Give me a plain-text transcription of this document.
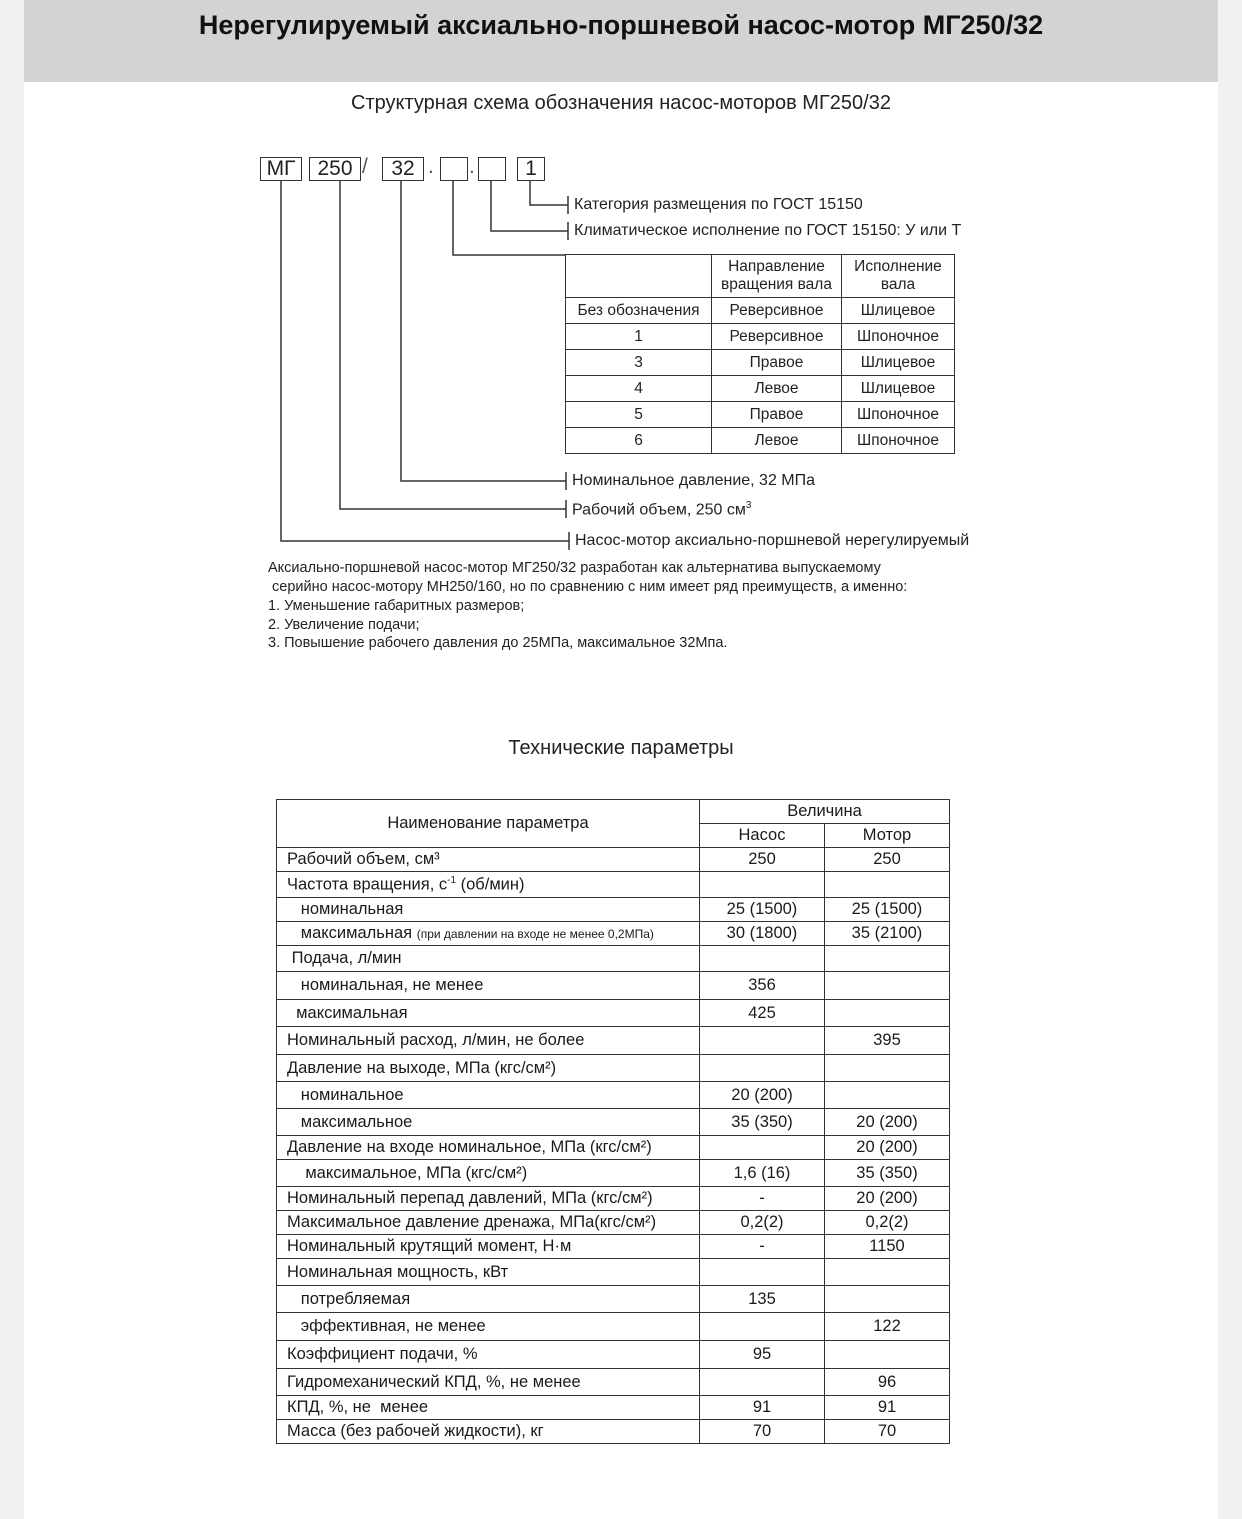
Нерегулируемый аксиально-поршневой насос-мотор МГ250/32
Структурная схема обозначения насос-моторов МГ250/32
МГ	250 /	32 . .	1
Категория размещения по ГОСТ 15150
Климатическое исполнение по ГОСТ 15150: У или Т
Номинальное давление, 32 МПа
Рабочий объем, 250 $см^3$
Насос-мотор аксиально-поршневой нерегулируемый
	Направление вращения вала	Исполнение вала
Без обозначения	Реверсивное	Шлицевое
1	Реверсивное	Шпоночное
3	Правое	Шлицевое
4	Левое	Шлицевое
5	Правое	Шпоночное
6	Левое	Шпоночное
Аксиально-поршневой насос-мотор МГ250/32 разработан как альтернатива выпускаемому
серийно насос-мотору МН250/160, но по сравнению с ним имеет ряд преимуществ, а именно:
1. Уменьшение габаритных размеров;
2. Увеличение подачи;
3. Повышение рабочего давления до 25МПа, максимальное 32Мпа.
Технические параметры
Наименование параметра	Величина	
	Насос	Мотор
Рабочий объем, см³	250	250
Частота вращения, $с^{-1}$ (об/мин)		
номинальная	25 (1500)	25 (1500)
максимальная (при давлении на входе не менее 0,2МПа)	30 (1800)	35 (2100)
Подача, л/мин		
номинальная, не менее	356	
максимальная	425	
Номинальный расход, л/мин, не более		395
Давление на выходе, МПа (кгс/см²)		
номинальное	20 (200)	
максимальное	35 (350)	20 (200)
Давление на входе номинальное, МПа (кгс/см²)		20 (200)
максимальное, МПа (кгс/см²)	1,6 (16)	35 (350)
Номинальный перепад давлений, МПа (кгс/см²)	-	20 (200)
Максимальное давление дренажа, МПа(кгс/см²)	0,2(2)	0,2(2)
Номинальный крутящий момент, Н·м	-	1150
Номинальная мощность, кВт		
потребляемая	135	
эффективная, не менее		122
Коэффициент подачи, %	95	
Гидромеханический КПД, %, не менее		96
КПД, %, не  менее	91	91
Масса (без рабочей жидкости), кг	70	70
